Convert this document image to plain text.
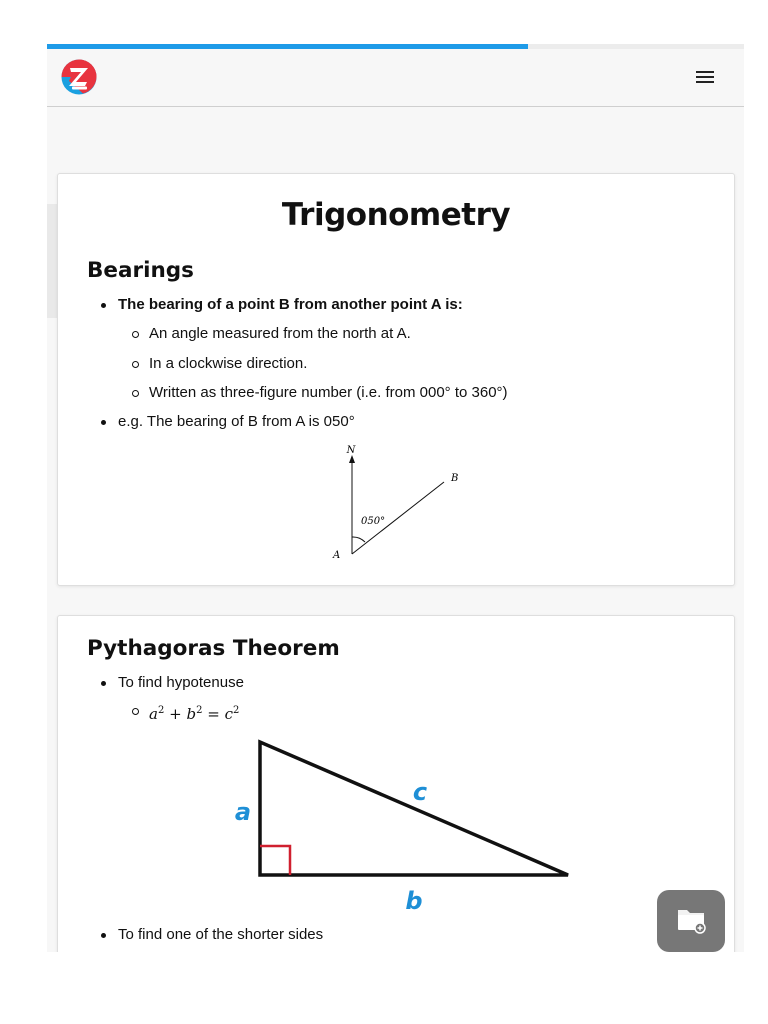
Trigonometry
Bearings
The bearing of a point B from another point A is:
An angle measured from the north at A.
In a clockwise direction.
Written as three-figure number (i.e. from 000° to 360°)
e.g. The bearing of B from A is 050°
N
B
A
050°
Pythagoras Theorem
To find hypotenuse
$a^2 + b^2 = c^2$
a
c
b
To find one of the shorter sides
